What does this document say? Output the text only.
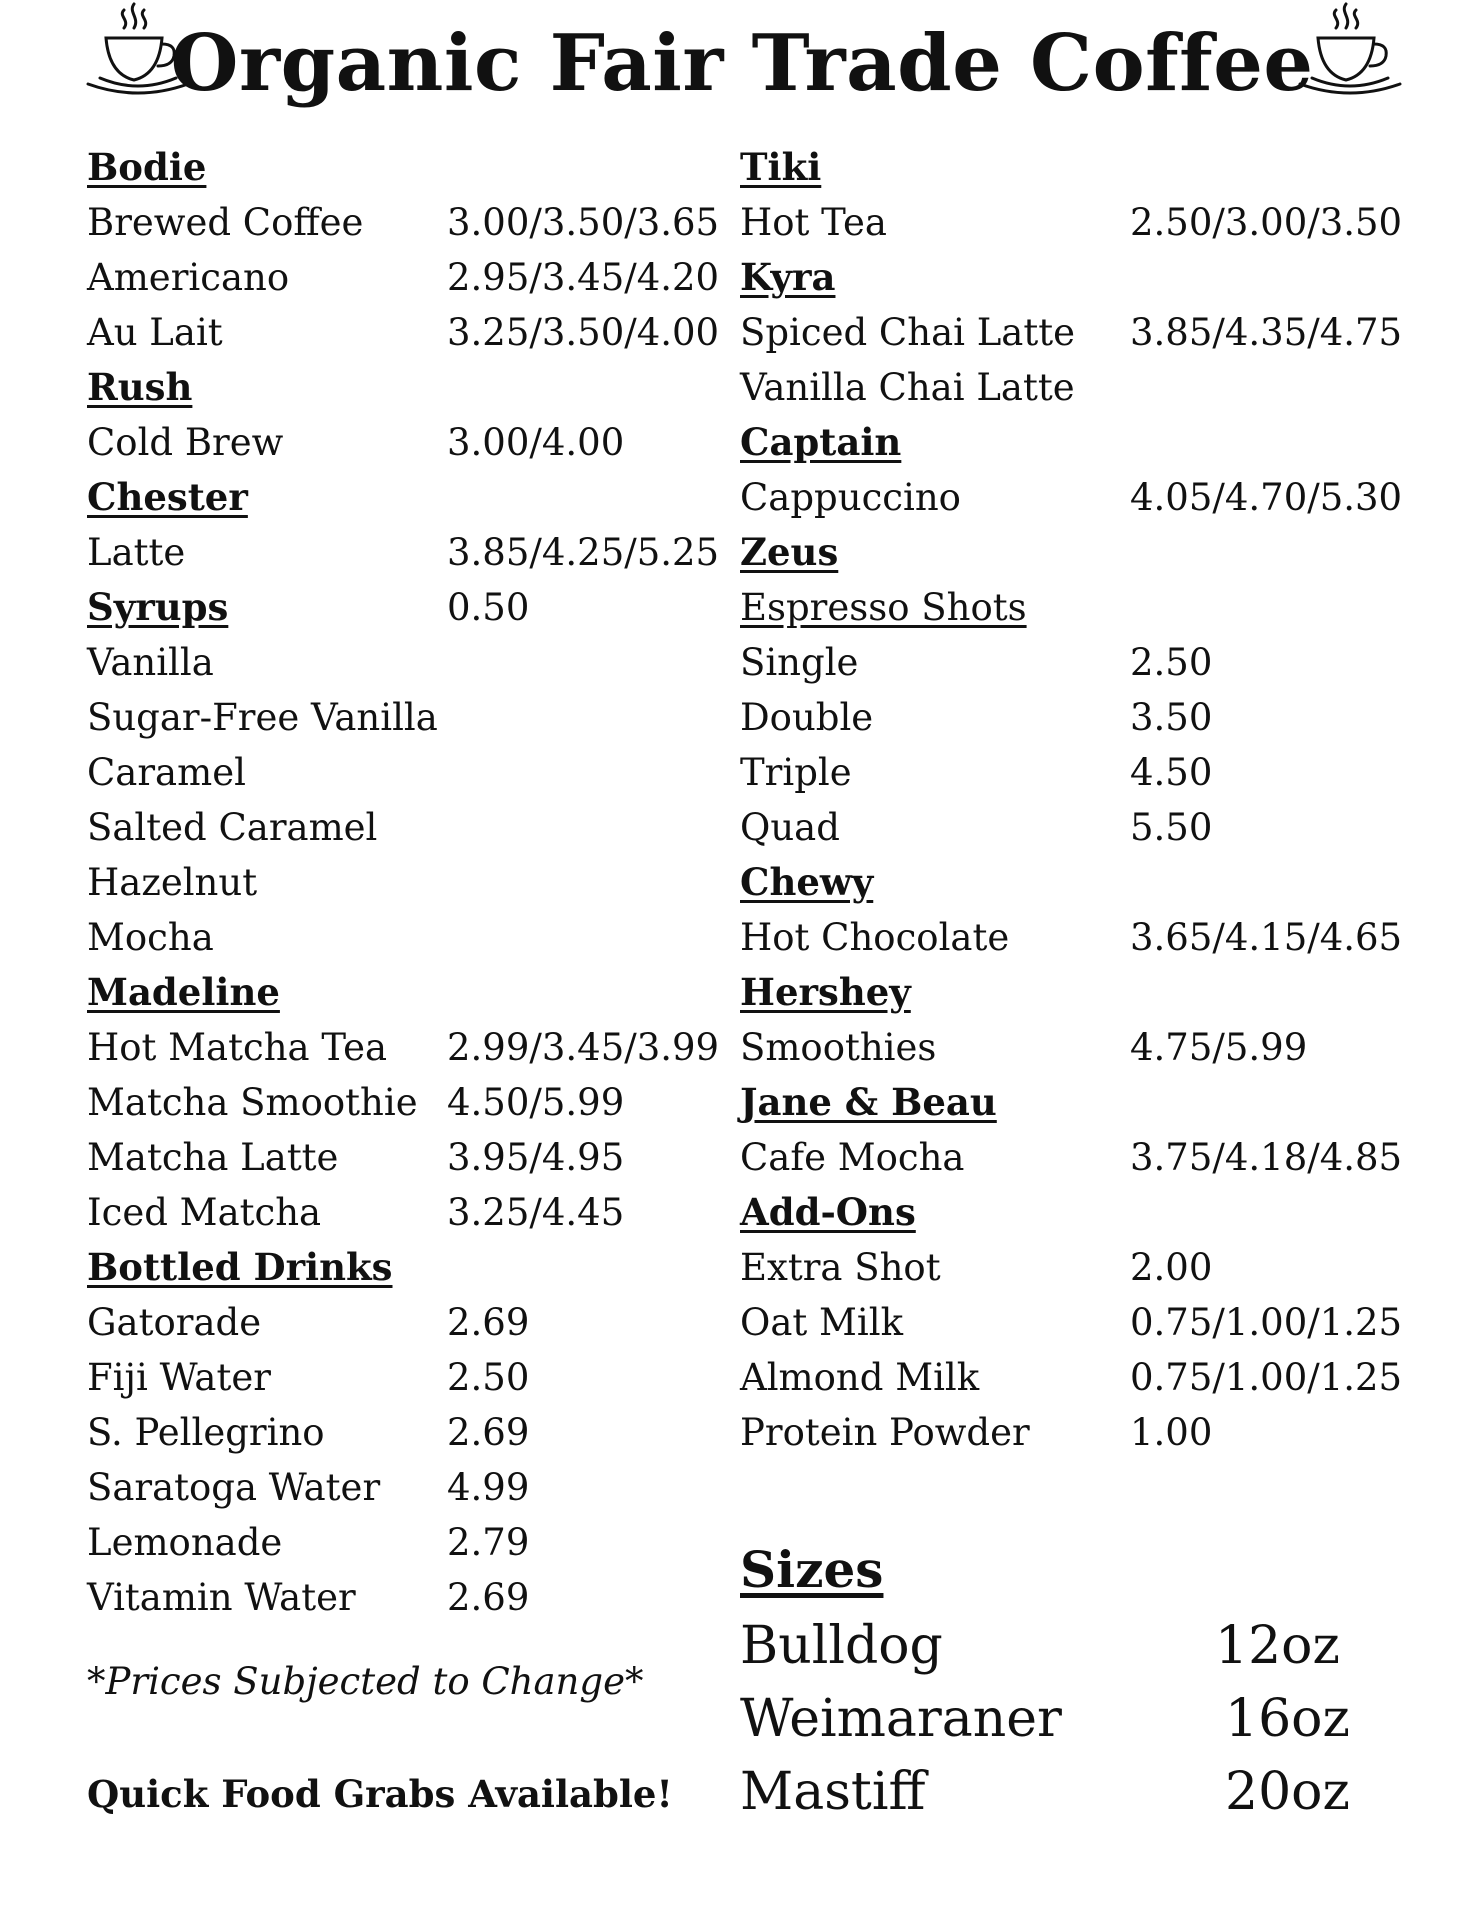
Organic Fair Trade Coffee
Bodie
Brewed Coffee 3.00/3.50/3.65
Americano	2.95/3.45/4.20
Au Lait	3.25/3.50/4.00
Rush
Cold Brew	3.00/4.00
Chester
Latte	3.85/4.25/5.25
Syrups	0.50
Vanilla
Sugar-Free Vanilla
Caramel
Salted Caramel
Hazelnut
Mocha
Madeline
Hot Matcha Tea 2.99/3.45/3.99
Matcha Smoothie 4.50/5.99
Matcha Latte	3.95/4.95
Iced Matcha	3.25/4.45
Bottled Drinks
Gatorade	2.69
Fiji Water	2.50
S. Pellegrino	2.69
Saratoga Water 4.99
Lemonade	2.79
Vitamin Water 2.69
Tiki
Hot Tea	2.50/3.00/3.50
Kyra
Spiced Chai Latte 3.85/4.35/4.75
Vanilla Chai Latte
Captain
Cappuccino	4.05/4.70/5.30
Zeus
Espresso Shots
Single	2.50
Double	3.50
Triple	4.50
Quad	5.50
Chewy
Hot Chocolate	3.65/4.15/4.65
Hershey
Smoothies	4.75/5.99
Jane & Beau
Cafe Mocha	3.75/4.18/4.85
Add-Ons
Extra Shot	2.00
Oat Milk	0.75/1.00/1.25
Almond Milk	0.75/1.00/1.25
Protein Powder	1.00
*Prices Subjected to Change*
Quick Food Grabs Available!
Sizes
Bulldog	12oz
Weimaraner	16oz
Mastiff	20oz
